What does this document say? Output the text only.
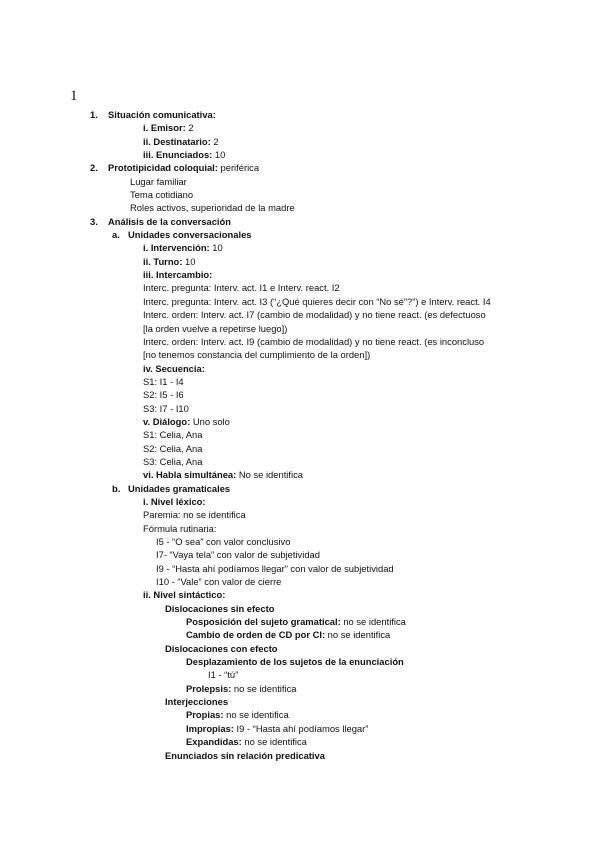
1
1. Situación comunicativa:
i. Emisor: 2
ii. Destinatario: 2
iii. Enunciados: 10
2. Prototipicidad coloquial: periférica
Lugar familiar
Tema cotidiano
Roles activos, superioridad de la madre
3. Análisis de la conversación
a. Unidades conversacionales
i. Intervención: 10
ii. Turno: 10
iii. Intercambio:
Interc. pregunta: Interv. act. I1 e Interv. react. I2
Interc. pregunta: Interv. act. I3 (“¿Qué quieres decir con “No sé”?”) e Interv. react. I4
Interc. orden: Interv. act. I7 (cambio de modalidad) y no tiene react. (es defectuoso
[la orden vuelve a repetirse luego])
Interc. orden: Interv. act. I9 (cambio de modalidad) y no tiene react. (es inconcluso
[no tenemos constancia del cumplimiento de la orden])
iv. Secuencia:
S1: I1 - I4
S2: I5 - I6
S3: I7 - I10
v. Diálogo: Uno solo
S1: Celia, Ana
S2: Celia, Ana
S3: Celia, Ana
vi. Habla simultánea: No se identifica
b. Unidades gramaticales
i. Nivel léxico:
Paremia: no se identifica
Fórmula rutinaria:
I5 - “O sea” con valor conclusivo
I7- “Vaya tela” con valor de subjetividad
I9 - “Hasta ahí podíamos llegar” con valor de subjetividad
I10 - “Vale” con valor de cierre
ii. Nivel sintáctico:
Dislocaciones sin efecto
Posposición del sujeto gramatical: no se identifica
Cambio de orden de CD por CI: no se identifica
Dislocaciones con efecto
Desplazamiento de los sujetos de la enunciación
I1 - “tú”
Prolepsis: no se identifica
Interjecciones
Propias: no se identifica
Impropias: I9 - “Hasta ahí podíamos llegar”
Expandidas: no se identifica
Enunciados sin relación predicativa
